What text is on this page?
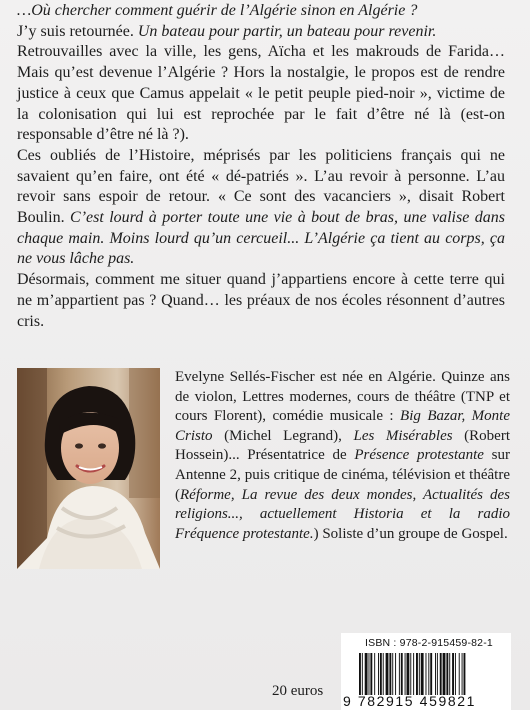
…Où chercher comment guérir de l’Algérie sinon en Algérie ?

J’y suis retournée. Un bateau pour partir, un bateau pour revenir.

Retrouvailles avec la ville, les gens, Aïcha et les makrouds de Farida… Mais qu’est devenue l’Algérie ? Hors la nostalgie, le propos est de rendre justice à ceux que Camus appelait « le petit peuple pied-noir », victime de la colonisation qui lui est reprochée par le fait d’être né là (est-on responsable d’être né là ?).

Ces oubliés de l’Histoire, méprisés par les politiciens français qui ne savaient qu’en faire, ont été « dé-patriés ». L’au revoir à personne. L’au revoir sans espoir de retour. « Ce sont des vacanciers », disait Robert Boulin. C’est lourd à porter toute une vie à bout de bras, une valise dans chaque main. Moins lourd qu’un cercueil... L’Algérie ça tient au corps, ça ne vous lâche pas.

Désormais, comment me situer quand j’appartiens encore à cette terre qui ne m’appartient pas ? Quand… les préaux de nos écoles résonnent d’autres cris.

Evelyne Sellés-Fischer est née en Algérie. Quinze ans de violon, Lettres modernes, cours de théâtre (TNP et cours Florent), comédie musicale : Big Bazar, Monte Cristo (Michel Legrand), Les Misérables (Robert Hossein)... Présentatrice de Présence protestante sur Antenne 2, puis critique de cinéma, télévision et théâtre (Réforme, La revue des deux mondes, Actualités des religions..., actuellement Historia et la radio Fréquence protestante.) Soliste d’un groupe de Gospel.

20 euros
ISBN : 978-2-915459-82-1
9 782915 459821
